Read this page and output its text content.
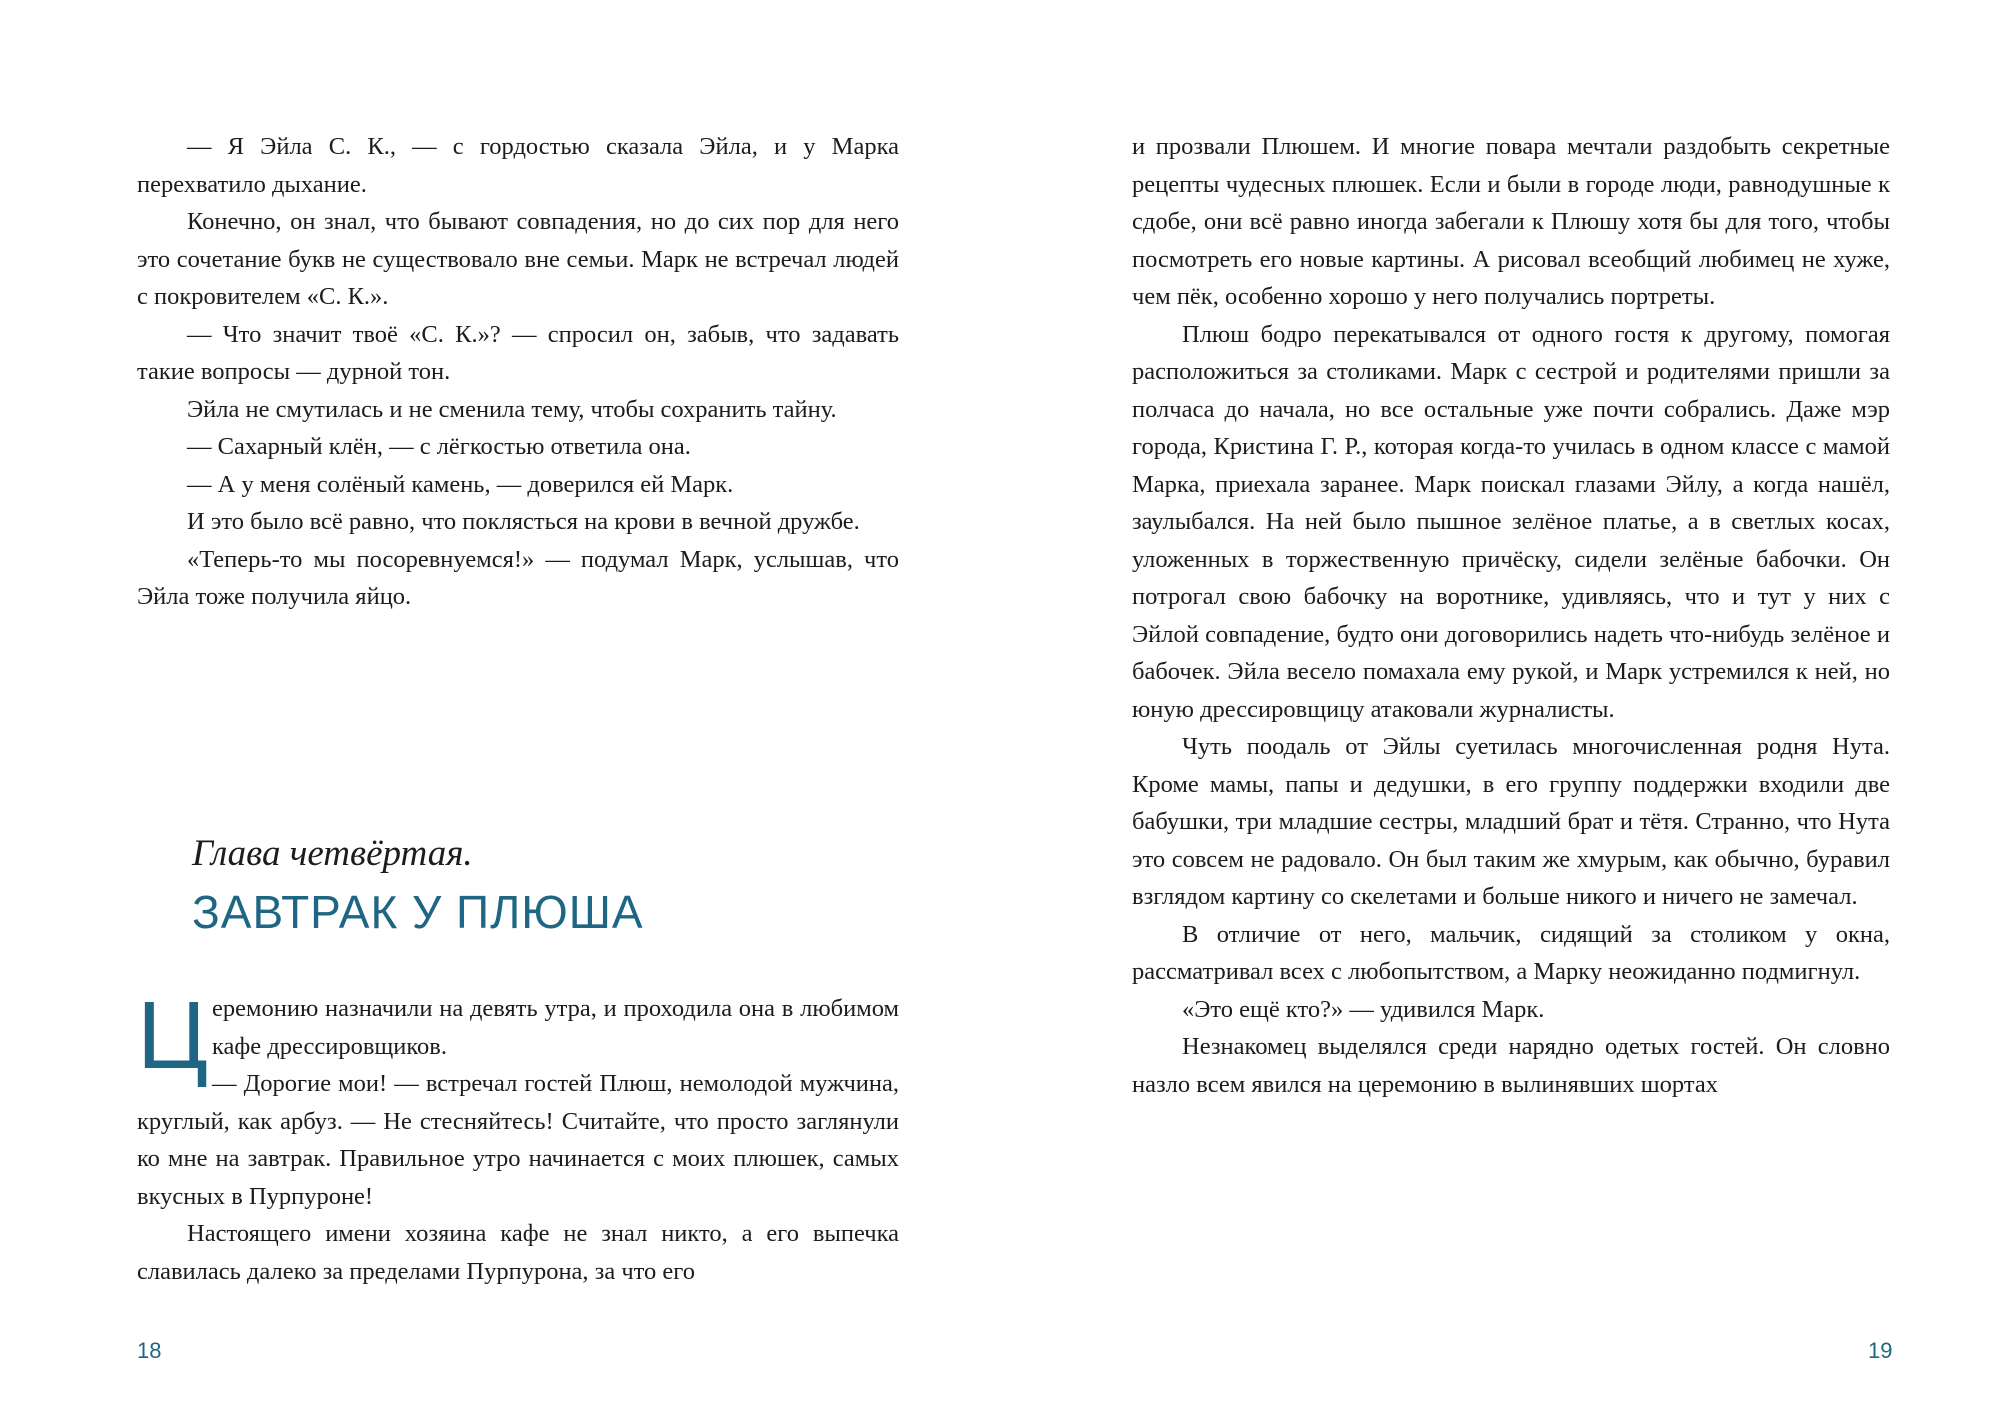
— Я Эйла С. К., — с гордостью сказала Эйла, и у Марка перехватило дыхание.

Конечно, он знал, что бывают совпадения, но до сих пор для него это сочетание букв не существовало вне семьи. Марк не встречал людей с покровителем «С. К.».

— Что значит твоё «С. К.»? — спросил он, забыв, что задавать такие вопросы — дурной тон.

Эйла не смутилась и не сменила тему, чтобы сохранить тайну.

— Сахарный клён, — с лёгкостью ответила она.

— А у меня солёный камень, — доверился ей Марк.

И это было всё равно, что поклясться на крови в вечной дружбе.

«Теперь-то мы посоревнуемся!» — подумал Марк, услышав, что Эйла тоже получила яйцо.

Глава четвёртая.
ЗАВТРАК У ПЛЮША

Церемонию назначили на девять утра, и проходила она в любимом кафе дрессировщиков.

— Дорогие мои! — встречал гостей Плюш, немолодой мужчина, круглый, как арбуз. — Не стесняйтесь! Считайте, что просто заглянули ко мне на завтрак. Правильное утро начинается с моих плюшек, самых вкусных в Пурпуроне!

Настоящего имени хозяина кафе не знал никто, а его выпечка славилась далеко за пределами Пурпурона, за что его

18

и прозвали Плюшем. И многие повара мечтали раздобыть секретные рецепты чудесных плюшек. Если и были в городе люди, равнодушные к сдобе, они всё равно иногда забегали к Плюшу хотя бы для того, чтобы посмотреть его новые картины. А рисовал всеобщий любимец не хуже, чем пёк, особенно хорошо у него получались портреты.

Плюш бодро перекатывался от одного гостя к другому, помогая расположиться за столиками. Марк с сестрой и родителями пришли за полчаса до начала, но все остальные уже почти собрались. Даже мэр города, Кристина Г. Р., которая когда-то училась в одном классе с мамой Марка, приехала заранее. Марк поискал глазами Эйлу, а когда нашёл, заулыбался. На ней было пышное зелёное платье, а в светлых косах, уложенных в торжественную причёску, сидели зелёные бабочки. Он потрогал свою бабочку на воротнике, удивляясь, что и тут у них с Эйлой совпадение, будто они договорились надеть что-нибудь зелёное и бабочек. Эйла весело помахала ему рукой, и Марк устремился к ней, но юную дрессировщицу атаковали журналисты.

Чуть поодаль от Эйлы суетилась многочисленная родня Нута. Кроме мамы, папы и дедушки, в его группу поддержки входили две бабушки, три младшие сестры, младший брат и тётя. Странно, что Нута это совсем не радовало. Он был таким же хмурым, как обычно, буравил взглядом картину со скелетами и больше никого и ничего не замечал.

В отличие от него, мальчик, сидящий за столиком у окна, рассматривал всех с любопытством, а Марку неожиданно подмигнул.

«Это ещё кто?» — удивился Марк.

Незнакомец выделялся среди нарядно одетых гостей. Он словно назло всем явился на церемонию в вылинявших шортах

19
